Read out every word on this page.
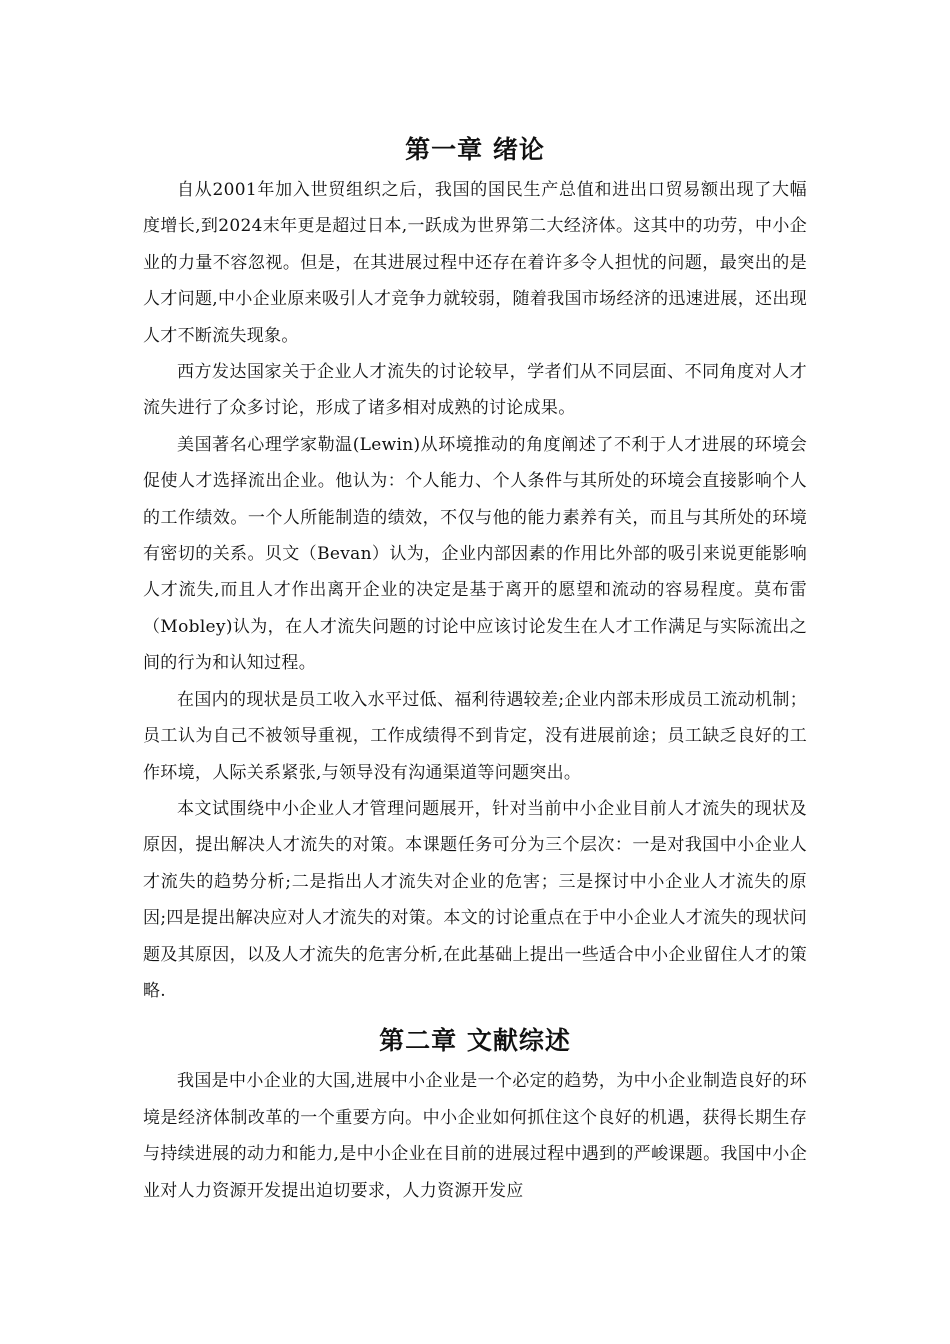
第一章 绪论

自从2001年加入世贸组织之后，我国的国民生产总值和进出口贸易额出现了大幅度增长,到2024末年更是超过日本,一跃成为世界第二大经济体。这其中的功劳，中小企业的力量不容忽视。但是，在其进展过程中还存在着许多令人担忧的问题，最突出的是人才问题,中小企业原来吸引人才竞争力就较弱，随着我国市场经济的迅速进展，还出现人才不断流失现象。

西方发达国家关于企业人才流失的讨论较早，学者们从不同层面、不同角度对人才流失进行了众多讨论，形成了诸多相对成熟的讨论成果。

美国著名心理学家勒温(Lewin)从环境推动的角度阐述了不利于人才进展的环境会促使人才选择流出企业。他认为：个人能力、个人条件与其所处的环境会直接影响个人的工作绩效。一个人所能制造的绩效，不仅与他的能力素养有关，而且与其所处的环境有密切的关系。贝文（Bevan）认为，企业内部因素的作用比外部的吸引来说更能影响人才流失,而且人才作出离开企业的决定是基于离开的愿望和流动的容易程度。莫布雷（Mobley)认为，在人才流失问题的讨论中应该讨论发生在人才工作满足与实际流出之间的行为和认知过程。

在国内的现状是员工收入水平过低、福利待遇较差;企业内部未形成员工流动机制；员工认为自己不被领导重视，工作成绩得不到肯定，没有进展前途；员工缺乏良好的工作环境，人际关系紧张,与领导没有沟通渠道等问题突出。

本文试围绕中小企业人才管理问题展开，针对当前中小企业目前人才流失的现状及原因，提出解决人才流失的对策。本课题任务可分为三个层次：一是对我国中小企业人才流失的趋势分析;二是指出人才流失对企业的危害；三是探讨中小企业人才流失的原因;四是提出解决应对人才流失的对策。本文的讨论重点在于中小企业人才流失的现状问题及其原因，以及人才流失的危害分析,在此基础上提出一些适合中小企业留住人才的策略.

第二章 文献综述

我国是中小企业的大国,进展中小企业是一个必定的趋势，为中小企业制造良好的环境是经济体制改革的一个重要方向。中小企业如何抓住这个良好的机遇，获得长期生存与持续进展的动力和能力,是中小企业在目前的进展过程中遇到的严峻课题。我国中小企业对人力资源开发提出迫切要求，人力资源开发应
